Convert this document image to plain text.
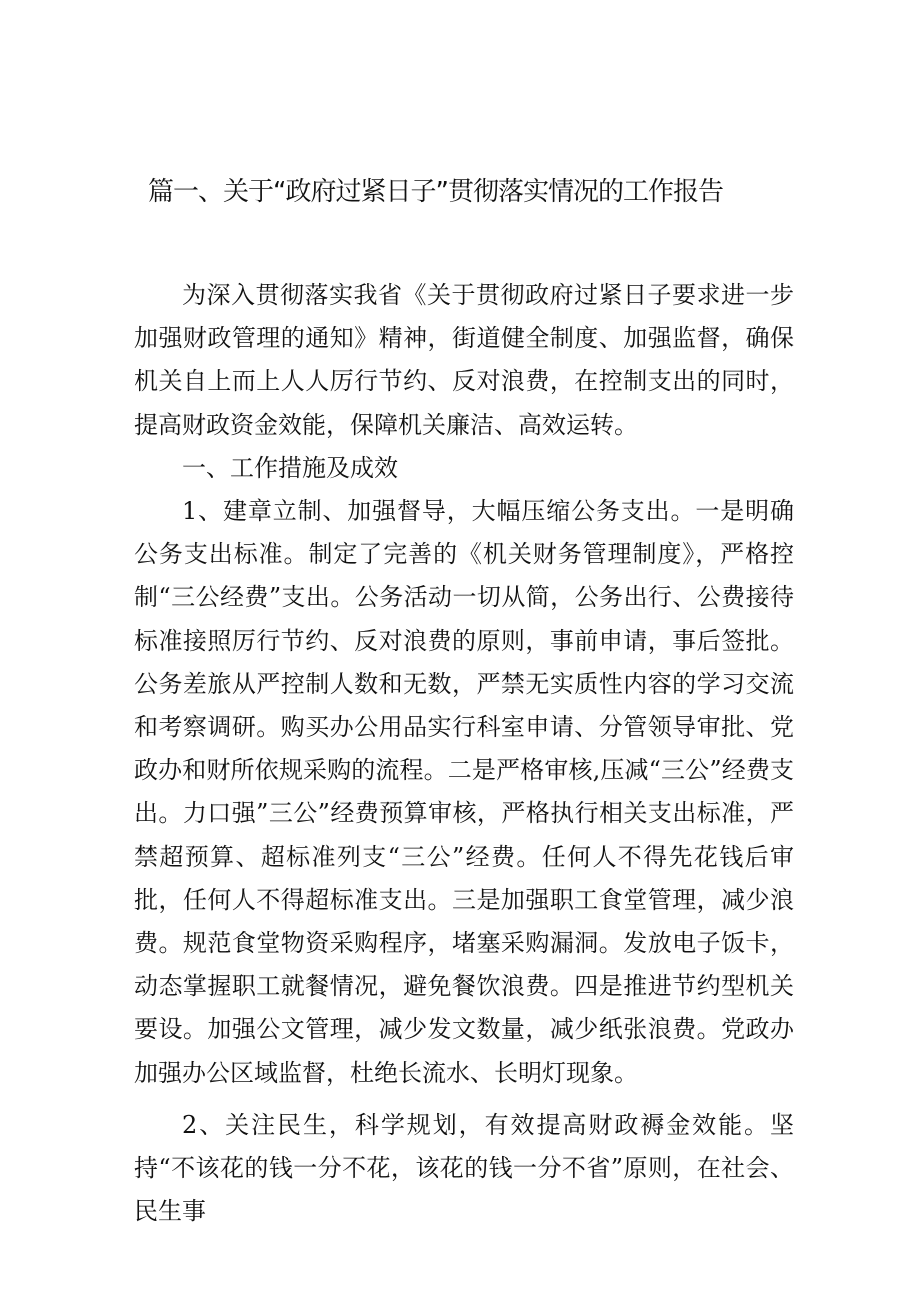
篇一、关于“政府过紧日子”贯彻落实情况的工作报告

为深入贯彻落实我省《关于贯彻政府过紧日子要求进一步加强财政管理的通知》精神，街道健全制度、加强监督，确保机关自上而上人人厉行节约、反对浪费，在控制支出的同时，提高财政资金效能，保障机关廉洁、高效运转。

一、工作措施及成效

1、建章立制、加强督导，大幅压缩公务支出。一是明确公务支出标准。制定了完善的《机关财务管理制度》，严格控制“三公经费”支出。公务活动一切从简，公务出行、公费接待标准接照厉行节约、反对浪费的原则，事前申请，事后签批。公务差旅从严控制人数和无数，严禁无实质性内容的学习交流和考察调研。购买办公用品实行科室申请、分管领导审批、党政办和财所依规采购的流程。二是严格审核,压减“三公”经费支出。力口强”三公”经费预算审核，严格执行相关支出标准，严禁超预算、超标准列支“三公”经费。任何人不得先花钱后审批，任何人不得超标准支出。三是加强职工食堂管理，减少浪费。规范食堂物资采购程序，堵塞采购漏洞。发放电子饭卡，动态掌握职工就餐情况，避免餐饮浪费。四是推进节约型机关要设。加强公文管理，减少发文数量，减少纸张浪费。党政办加强办公区域监督，杜绝长流水、长明灯现象。

2、关注民生，科学规划，有效提高财政褥金效能。坚持“不该花的钱一分不花，该花的钱一分不省”原则，在社会、民生事
